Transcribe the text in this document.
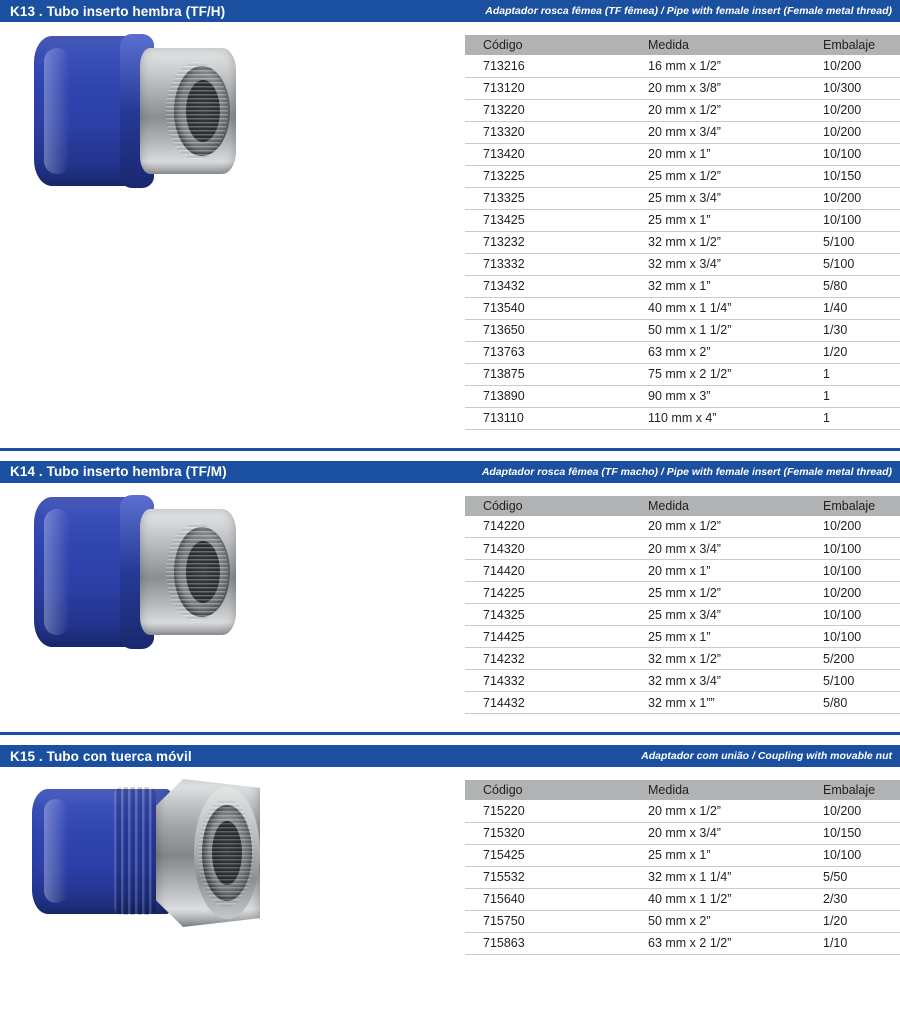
K13 . Tubo inserto hembra (TF/H)	Adaptador rosca fêmea (TF fêmea) / Pipe with female insert (Female metal thread)
Código	Medida	Embalaje
713216	16 mm x 1/2”	10/200
713120	20 mm x 3/8”	10/300
713220	20 mm x 1/2”	10/200
713320	20 mm x 3/4”	10/200
713420	20 mm x 1”	10/100
713225	25 mm x 1/2”	10/150
713325	25 mm x 3/4”	10/200
713425	25 mm x 1”	10/100
713232	32 mm x 1/2”	5/100
713332	32 mm x 3/4”	5/100
713432	32 mm x 1”	5/80
713540	40 mm x 1 1/4”	1/40
713650	50 mm x 1 1/2”	1/30
713763	63 mm x 2”	1/20
713875	75 mm x 2 1/2”	1
713890	90 mm x 3”	1
713110	110 mm x 4”	1
K14 . Tubo inserto hembra (TF/M)	Adaptador rosca fêmea (TF macho) / Pipe with female insert (Female metal thread)
Código	Medida	Embalaje
714220	20 mm x 1/2”	10/200
714320	20 mm x 3/4”	10/100
714420	20 mm x 1”	10/100
714225	25 mm x 1/2”	10/200
714325	25 mm x 3/4”	10/100
714425	25 mm x 1”	10/100
714232	32 mm x 1/2”	5/200
714332	32 mm x 3/4”	5/100
714432	32 mm x 1””	5/80
K15 . Tubo con tuerca móvil	Adaptador com união / Coupling with movable nut
Código	Medida	Embalaje
715220	20 mm x 1/2”	10/200
715320	20 mm x 3/4”	10/150
715425	25 mm x 1”	10/100
715532	32 mm x 1 1/4”	5/50
715640	40 mm x 1 1/2”	2/30
715750	50 mm x 2”	1/20
715863	63 mm x 2 1/2”	1/10
